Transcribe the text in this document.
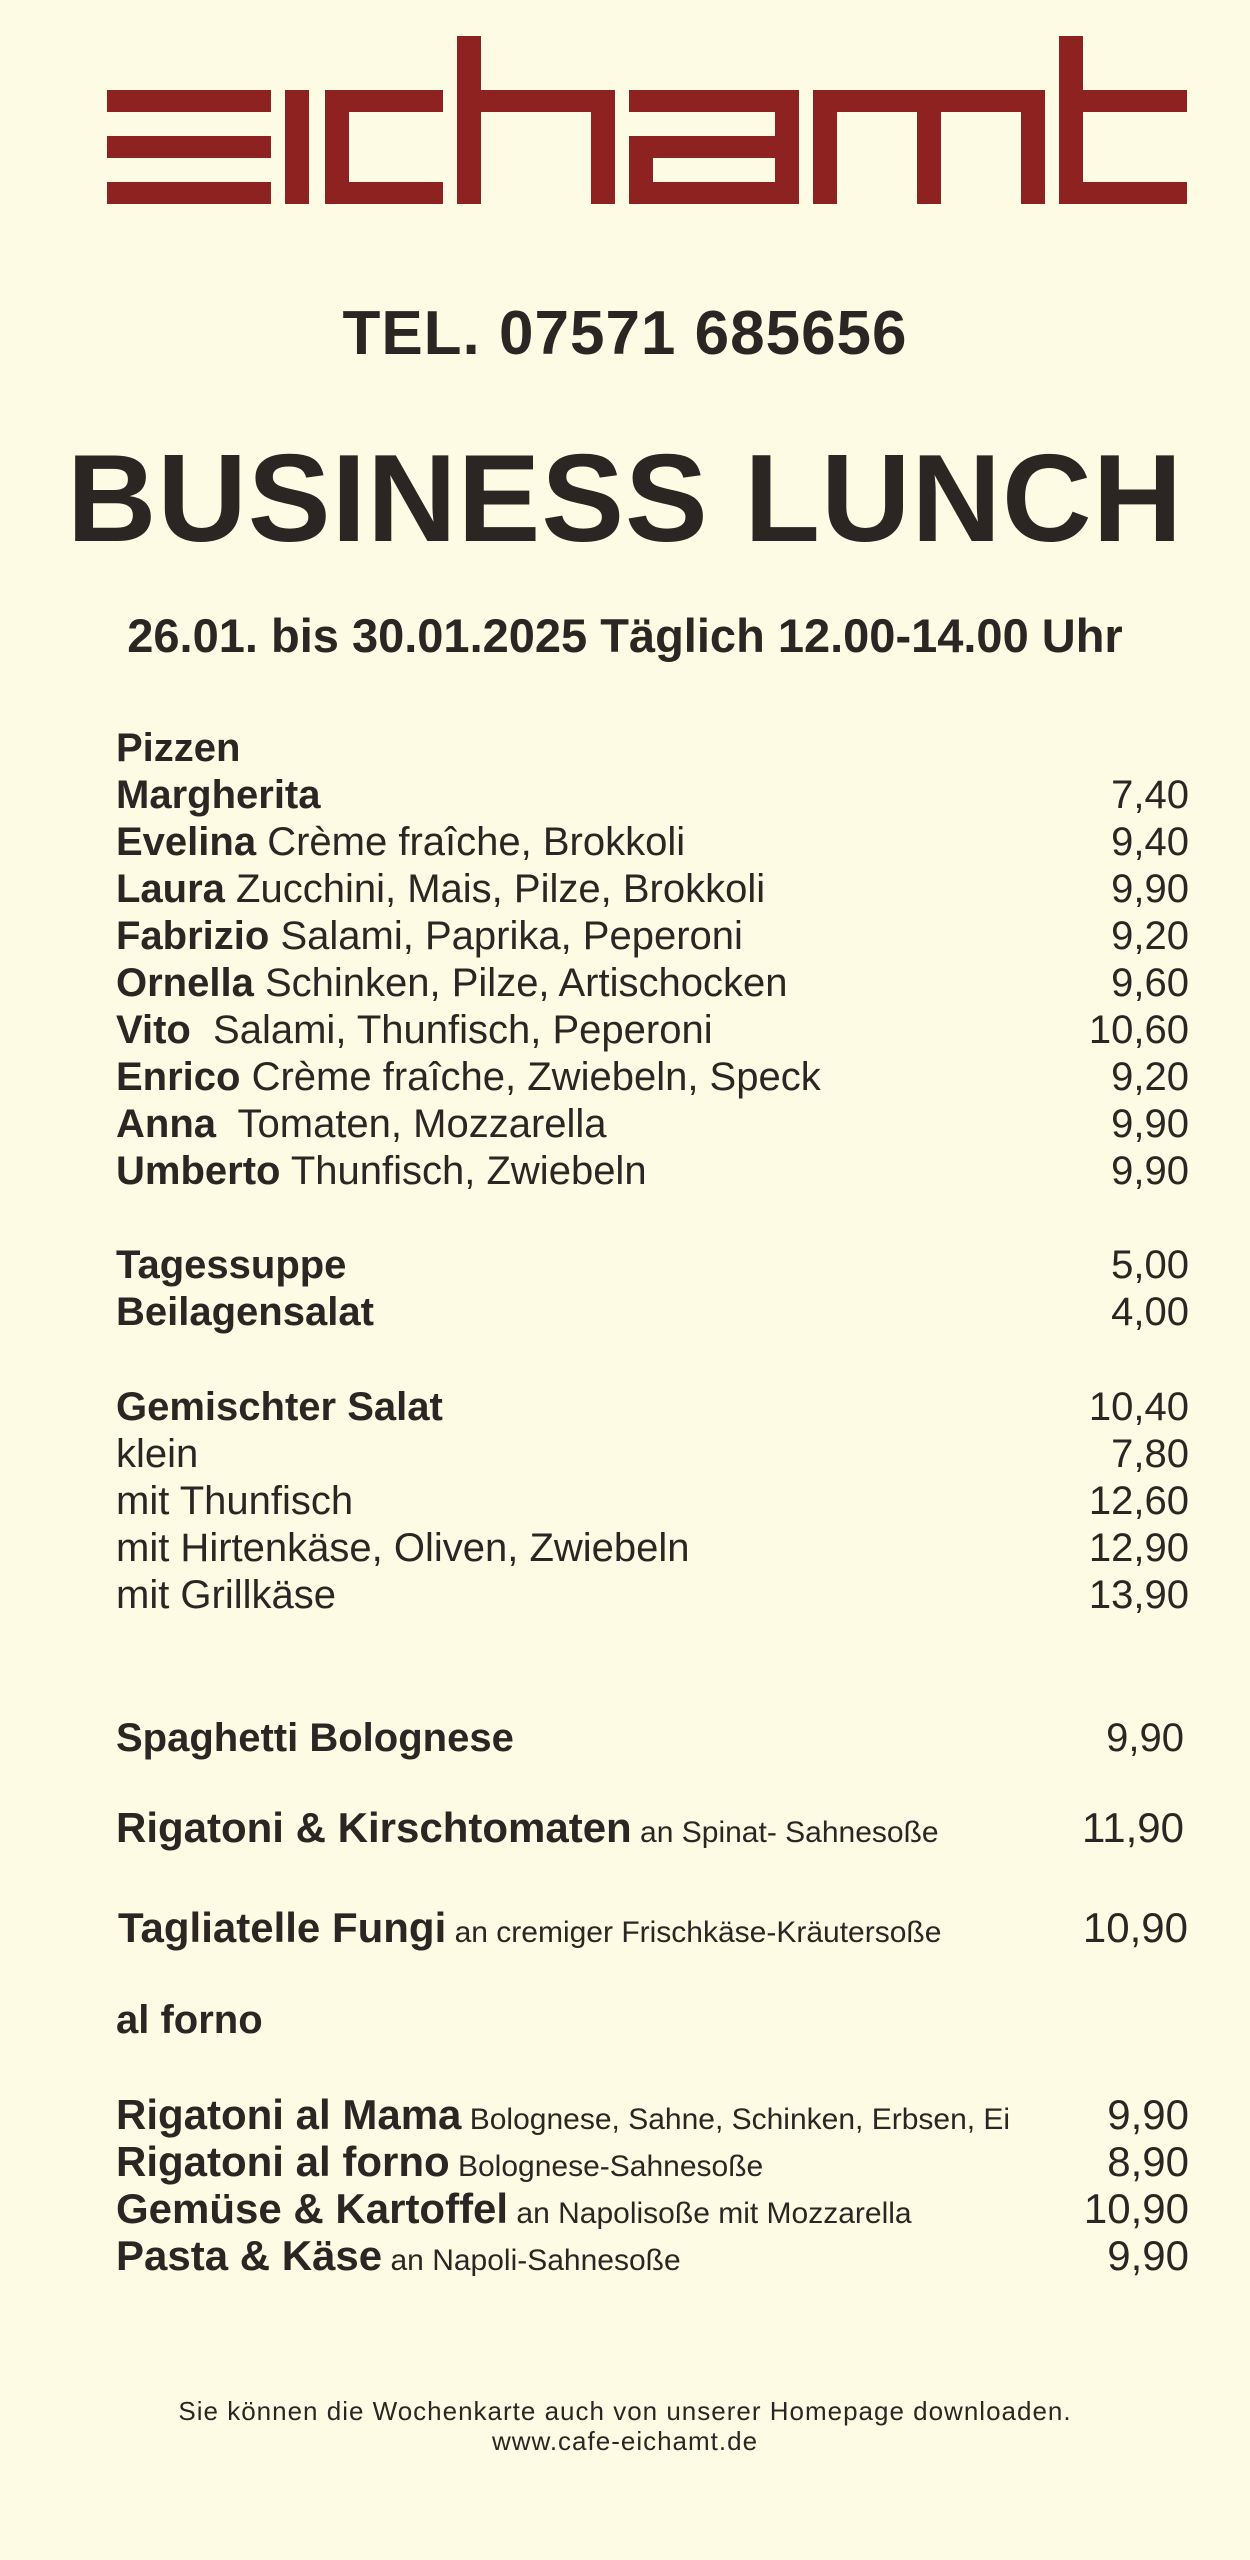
TEL. 07571 685656
BUSINESS LUNCH
26.01. bis 30.01.2025 Täglich 12.00-14.00 Uhr
Pizzen
Margherita	7,40
Evelina Crème fraîche, Brokkoli	9,40
Laura Zucchini, Mais, Pilze, Brokkoli	9,90
Fabrizio Salami, Paprika, Peperoni	9,20
Ornella Schinken, Pilze, Artischocken	9,60
Vito  Salami, Thunfisch, Peperoni	10,60
Enrico Crème fraîche, Zwiebeln, Speck	9,20
Anna  Tomaten, Mozzarella	9,90
Umberto Thunfisch, Zwiebeln	9,90
Tagessuppe	5,00
Beilagensalat	4,00
Gemischter Salat	10,40
klein	7,80
mit Thunfisch	12,60
mit Hirtenkäse, Oliven, Zwiebeln	12,90
mit Grillkäse	13,90
Spaghetti Bolognese	9,90
Rigatoni & Kirschtomaten an Spinat- Sahnesoße	11,90
Tagliatelle Fungi an cremiger Frischkäse-Kräutersoße	10,90
al forno
Rigatoni al Mama Bolognese, Sahne, Schinken, Erbsen, Ei 9,90
Rigatoni al forno Bolognese-Sahnesoße	8,90
Gemüse & Kartoffel an Napolisoße mit Mozzarella	10,90
Pasta & Käse an Napoli-Sahnesoße	9,90
Sie können die Wochenkarte auch von unserer Homepage downloaden.
www.cafe-eichamt.de
